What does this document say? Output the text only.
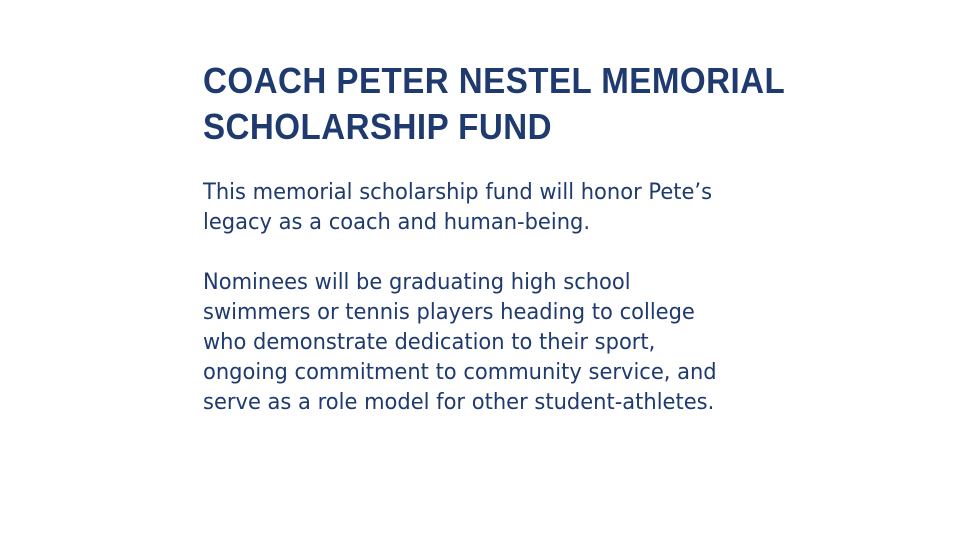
COACH PETER NESTEL MEMORIAL
SCHOLARSHIP FUND

This memorial scholarship fund will honor Pete’s
legacy as a coach and human-being.

Nominees will be graduating high school
swimmers or tennis players heading to college
who demonstrate dedication to their sport,
ongoing commitment to community service, and
serve as a role model for other student-athletes.
